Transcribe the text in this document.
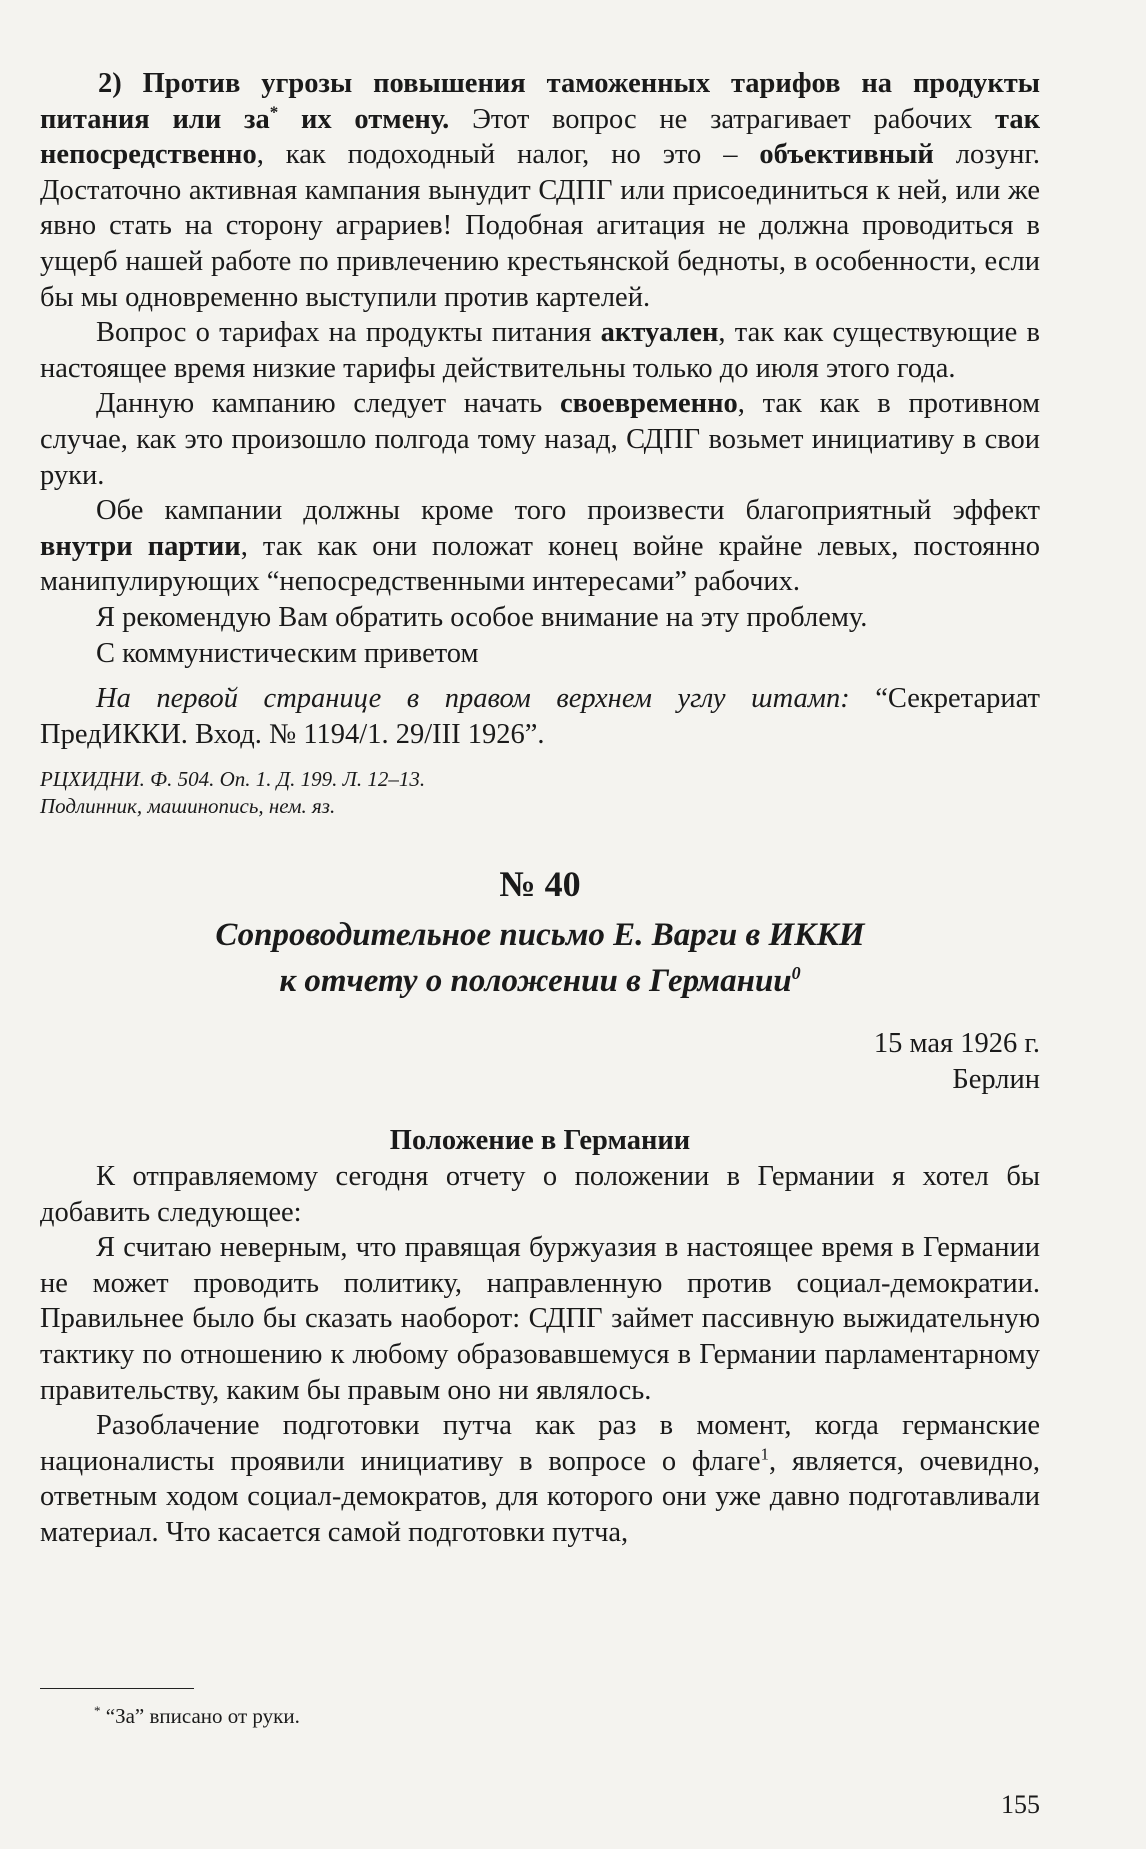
2) Против угрозы повышения таможенных тарифов на продукты питания или за* их отмену. Этот вопрос не затрагивает рабочих так непосредственно, как подоходный налог, но это – объективный лозунг. Достаточно активная кампания вынудит СДПГ или присоединиться к ней, или же явно стать на сторону аграриев! Подобная агитация не должна проводиться в ущерб нашей работе по привлечению крестьянской бедноты, в особенности, если бы мы одновременно выступили против картелей.

Вопрос о тарифах на продукты питания актуален, так как существующие в настоящее время низкие тарифы действительны только до июля этого года.

Данную кампанию следует начать своевременно, так как в противном случае, как это произошло полгода тому назад, СДПГ возьмет инициативу в свои руки.

Обе кампании должны кроме того произвести благоприятный эффект внутри партии, так как они положат конец войне крайне левых, постоянно манипулирующих “непосредственными интересами” рабочих.

Я рекомендую Вам обратить особое внимание на эту проблему.

С коммунистическим приветом

На первой странице в правом верхнем углу штамп: “Секретариат ПредИККИ. Вход. № 1194/1. 29/III 1926”.

РЦХИДНИ. Ф. 504. Оп. 1. Д. 199. Л. 12–13.
Подлинник, машинопись, нем. яз.
№ 40
Сопроводительное письмо Е. Варги в ИККИ
к отчету о положении в Германии$^0$
15 мая 1926 г.
Берлин
Положение в Германии

К отправляемому сегодня отчету о положении в Германии я хотел бы добавить следующее:

Я считаю неверным, что правящая буржуазия в настоящее время в Германии не может проводить политику, направленную против социал-демократии. Правильнее было бы сказать наоборот: СДПГ займет пассивную выжидательную тактику по отношению к любому образовавшемуся в Германии парламентарному правительству, каким бы правым оно ни являлось.

Разоблачение подготовки путча как раз в момент, когда германские националисты проявили инициативу в вопросе о флаге$^1$, является, очевидно, ответным ходом социал-демократов, для которого они уже давно подготавливали материал. Что касается самой подготовки путча,

* “За” вписано от руки.
155
